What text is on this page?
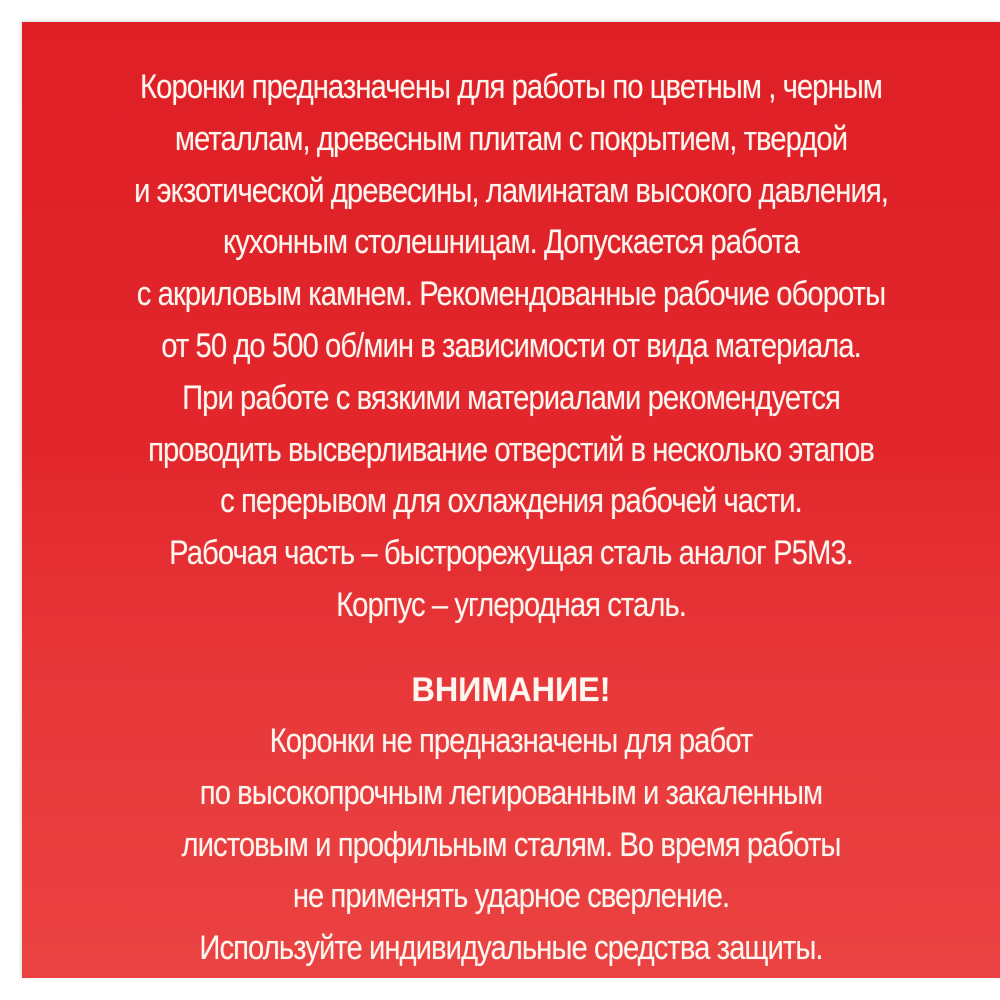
Коронки предназначены для работы по цветным , черным
металлам, древесным плитам с покрытием, твердой
и экзотической древесины, ламинатам высокого давления,
кухонным столешницам. Допускается работа
с акриловым камнем. Рекомендованные рабочие обороты
от 50 до 500 об/мин в зависимости от вида материала.
При работе с вязкими материалами рекомендуется
проводить высверливание отверстий в несколько этапов
с перерывом для охлаждения рабочей части.
Рабочая часть – быстрорежущая сталь аналог Р5М3.
Корпус – углеродная сталь.
ВНИМАНИЕ!
Коронки не предназначены для работ
по высокопрочным легированным и закаленным
листовым и профильным сталям. Во время работы
не применять ударное сверление.
Используйте индивидуальные средства защиты.
